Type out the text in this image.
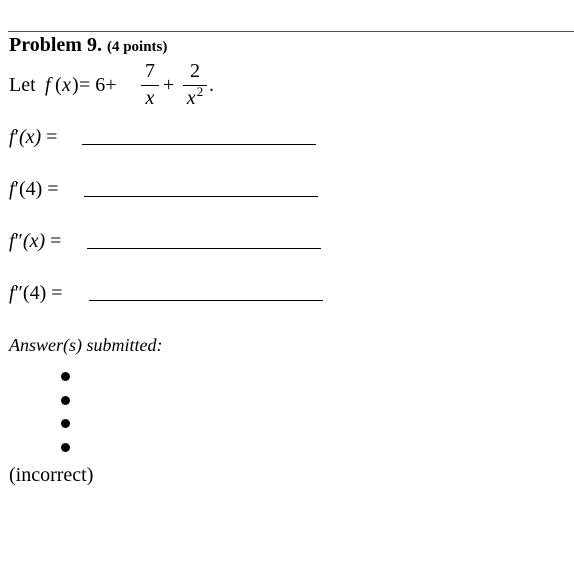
Problem 9. (4 points)
Let f ( x ) = 6+
7
x
+
2
$x^2$ .
f′(x) =
f′(4) =
f″(x) =
f″(4) =
Answer(s) submitted:
(incorrect)
